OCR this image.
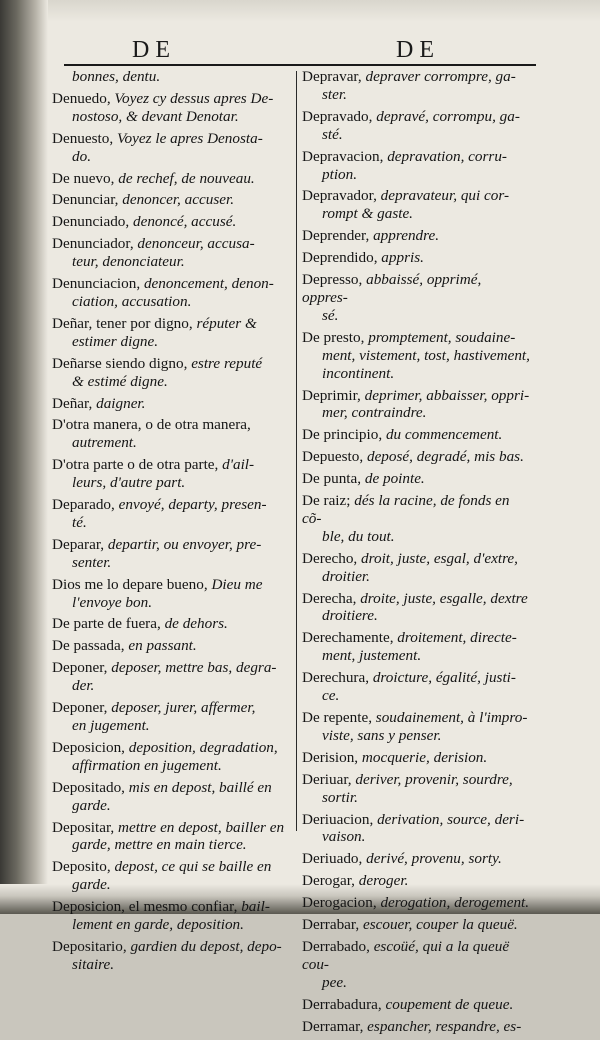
DE	DE
bonnes, dentu.
Denuedo, Voyez cy dessus apres De-
nostoso, & devant Denotar.
Denuesto, Voyez le apres Denosta-
do.
De nuevo, de rechef, de nouveau.
Denunciar, denoncer, accuser.
Denunciado, denoncé, accusé.
Denunciador, denonceur, accusa-
teur, denonciateur.
Denunciacion, denoncement, denon-
ciation, accusation.
Deñar, tener por digno, réputer &
estimer digne.
Deñarse siendo digno, estre reputé
& estimé digne.
Deñar, daigner.
D'otra manera, o de otra manera,
autrement.
D'otra parte o de otra parte, d'ail-
leurs, d'autre part.
Deparado, envoyé, departy, presen-
té.
Deparar, departir, ou envoyer, pre-
senter.
Dios me lo depare bueno, Dieu me
l'envoye bon.
De parte de fuera, de dehors.
De passada, en passant.
Deponer, deposer, mettre bas, degra-
der.
Deponer, deposer, jurer, affermer,
en jugement.
Deposicion, deposition, degradation,
affirmation en jugement.
Depositado, mis en depost, baillé en
garde.
Depositar, mettre en depost, bailler en
garde, mettre en main tierce.
Deposito, depost, ce qui se baille en
garde.
Deposicion, el mesmo confiar, bail-
lement en garde, deposition.
Depositario, gardien du depost, depo-
sitaire.
Depravar, depraver corrompre, ga-
ster.
Depravado, depravé, corrompu, ga-
sté.
Depravacion, depravation, corru-
ption.
Depravador, depravateur, qui cor-
rompt & gaste.
Deprender, apprendre.
Deprendido, appris.
Depresso, abbaissé, opprimé, oppres-
sé.
De presto, promptement, soudaine-
ment, vistement, tost, hastivement, incontinent.
Deprimir, deprimer, abbaisser, oppri-
mer, contraindre.
De principio, du commencement.
Depuesto, deposé, degradé, mis bas.
De punta, de pointe.
De raiz; dés la racine, de fonds en cõ-
ble, du tout.
Derecho, droit, juste, esgal, d'extre,
droitier.
Derecha, droite, juste, esgalle, dextre
droitiere.
Derechamente, droitement, directe-
ment, justement.
Derechura, droicture, égalité, justi-
ce.
De repente, soudainement, à l'impro-
viste, sans y penser.
Derision, mocquerie, derision.
Deriuar, deriver, provenir, sourdre,
sortir.
Deriuacion, derivation, source, deri-
vaison.
Deriuado, derivé, provenu, sorty.
Derogar, deroger.
Derogacion, derogation, derogement.
Derrabar, escouer, couper la queuë.
Derrabado, escoüé, qui a la queuë cou-
pee.
Derrabadura, coupement de queue.
Derramar, espancher, respandre, es-
